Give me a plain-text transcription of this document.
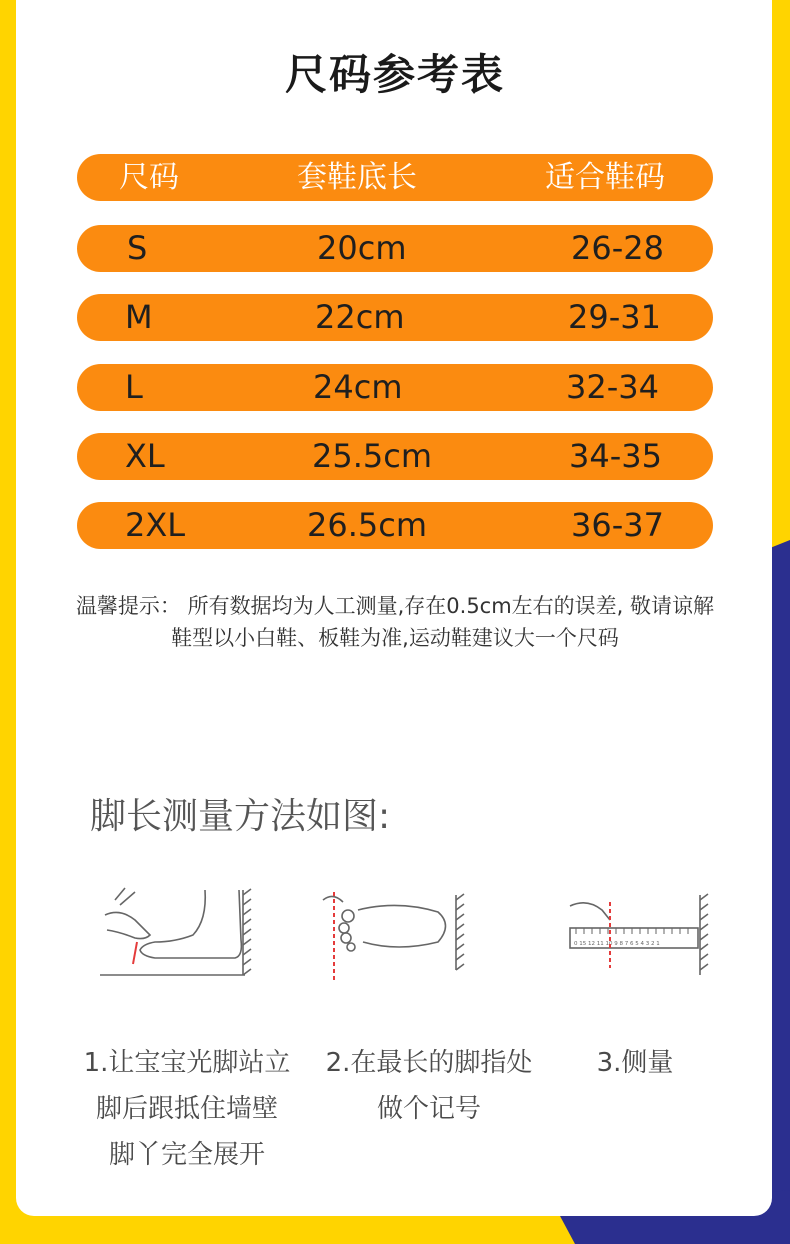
尺码参考表
尺码	套鞋底长	适合鞋码
S	20cm	26-28
M	22cm	29-31
L	24cm	32-34
XL	25.5cm	34-35
2XL	26.5cm	36-37
温馨提示： 所有数据均为人工测量,存在0.5cm左右的误差, 敬请谅解
鞋型以小白鞋、板鞋为准,运动鞋建议大一个尺码
脚长测量方法如图:
0 15 12 11 10 9 8 7 6 5 4 3 2 1
1.让宝宝光脚站立
脚后跟抵住墙壁
脚丫完全展开
2.在最长的脚指处
做个记号
3.侧量
